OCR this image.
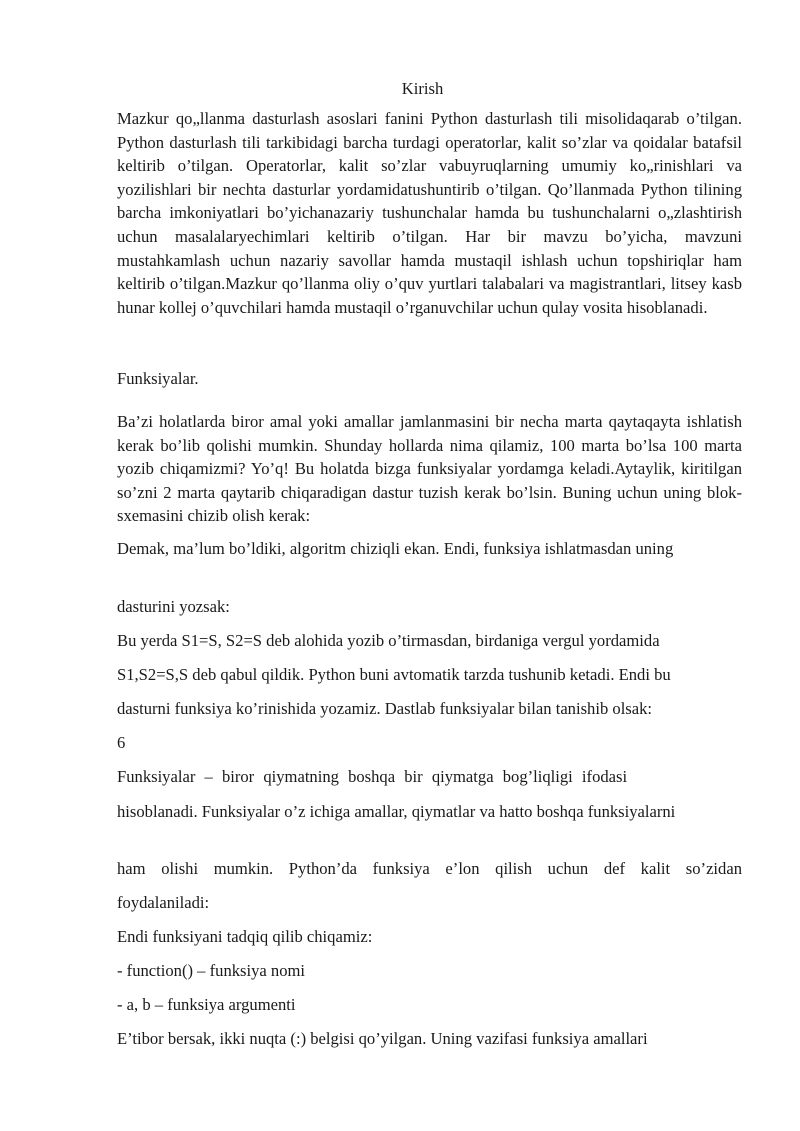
Kirish
Mazkur qo„llanma dasturlash asoslari fanini Python dasturlash tili misolidaqarab o’tilgan. Python dasturlash tili tarkibidagi barcha turdagi operatorlar, kalit so’zlar va qoidalar batafsil keltirib o’tilgan. Operatorlar, kalit so’zlar vabuyruqlarning umumiy ko„rinishlari va yozilishlari bir nechta dasturlar yordamidatushuntirib o’tilgan. Qo’llanmada Python tilining barcha imkoniyatlari bo’yichanazariy tushunchalar hamda bu tushunchalarni o„zlashtirish uchun masalalaryechimlari keltirib o’tilgan. Har bir mavzu bo’yicha, mavzuni mustahkamlash uchun nazariy savollar hamda mustaqil ishlash uchun topshiriqlar ham keltirib o’tilgan.Mazkur qo’llanma oliy o’quv yurtlari talabalari va magistrantlari, litsey kasb hunar kollej o’quvchilari hamda mustaqil o’rganuvchilar uchun qulay vosita hisoblanadi.
Funksiyalar.
Ba’zi holatlarda biror amal yoki amallar jamlanmasini bir necha marta qaytaqayta ishlatish kerak bo’lib qolishi mumkin. Shunday hollarda nima qilamiz, 100 marta bo’lsa 100 marta yozib chiqamizmi? Yo’q! Bu holatda bizga funksiyalar yordamga keladi.Aytaylik, kiritilgan so’zni 2 marta qaytarib chiqaradigan dastur tuzish kerak bo’lsin. Buning uchun uning blok-sxemasini chizib olish kerak:
Demak, ma’lum bo’ldiki, algoritm chiziqli ekan. Endi, funksiya ishlatmasdan uning
dasturini yozsak:
Bu yerda S1=S, S2=S deb alohida yozib o’tirmasdan, birdaniga vergul yordamida
S1,S2=S,S deb qabul qildik. Python buni avtomatik tarzda tushunib ketadi. Endi bu
dasturni funksiya ko’rinishida yozamiz. Dastlab funksiyalar bilan tanishib olsak:
6
Funksiyalar – biror qiymatning boshqa bir qiymatga bog’liqligi ifodasi
hisoblanadi. Funksiyalar o’z ichiga amallar, qiymatlar va hatto boshqa funksiyalarni
ham olishi mumkin. Python’da funksiya e’lon qilish uchun def kalit so’zidan
foydalaniladi:
Endi funksiyani tadqiq qilib chiqamiz:
- function() – funksiya nomi
- a, b – funksiya argumenti
E’tibor bersak, ikki nuqta (:) belgisi qo’yilgan. Uning vazifasi funksiya amallari
